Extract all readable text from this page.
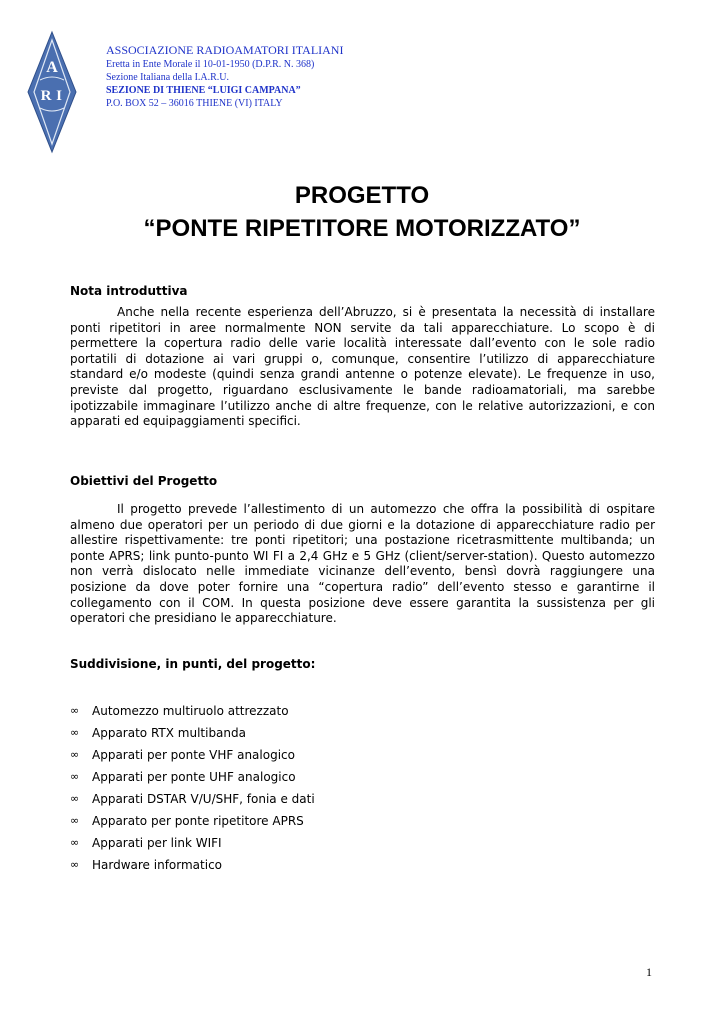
A
R I
ASSOCIAZIONE RADIOAMATORI ITALIANI
Eretta in Ente Morale il 10-01-1950 (D.P.R. N. 368)
Sezione Italiana della I.A.R.U.
SEZIONE DI THIENE “LUIGI CAMPANA”
P.O. BOX 52 – 36016 THIENE (VI) ITALY
PROGETTO
“PONTE RIPETITORE MOTORIZZATO”
Nota introduttiva
Anche nella recente esperienza dell’Abruzzo, si è presentata la necessità di installare ponti ripetitori in aree normalmente NON servite da tali apparecchiature. Lo scopo è di permettere la copertura radio delle varie località interessate dall’evento con le sole radio portatili di dotazione ai vari gruppi o, comunque, consentire l’utilizzo di apparecchiature standard e/o modeste (quindi senza grandi antenne o potenze elevate). Le frequenze in uso, previste dal progetto, riguardano esclusivamente le bande radioamatoriali, ma sarebbe ipotizzabile immaginare l’utilizzo anche di altre frequenze, con le relative autorizzazioni, e con apparati ed equipaggiamenti specifici.
Obiettivi del Progetto
Il progetto prevede l’allestimento di un automezzo che offra la possibilità di ospitare almeno due operatori per un periodo di due giorni e la dotazione di apparecchiature radio per allestire rispettivamente: tre ponti ripetitori; una postazione ricetrasmittente multibanda; un ponte APRS; link punto-punto WI FI a 2,4 GHz e 5 GHz (client/server-station). Questo automezzo non verrà dislocato nelle immediate vicinanze dell’evento, bensì dovrà raggiungere una posizione da dove poter fornire una “copertura radio” dell’evento stesso e garantirne il collegamento con il COM. In questa posizione deve essere garantita la sussistenza per gli operatori che presidiano le apparecchiature.
Suddivisione, in punti, del progetto:
∞	Automezzo multiruolo attrezzato
∞	Apparato RTX multibanda
∞	Apparati per ponte VHF analogico
∞	Apparati per ponte UHF analogico
∞	Apparati DSTAR V/U/SHF, fonia e dati
∞	Apparato per ponte ripetitore APRS
∞	Apparati per link WIFI
∞	Hardware informatico
1
